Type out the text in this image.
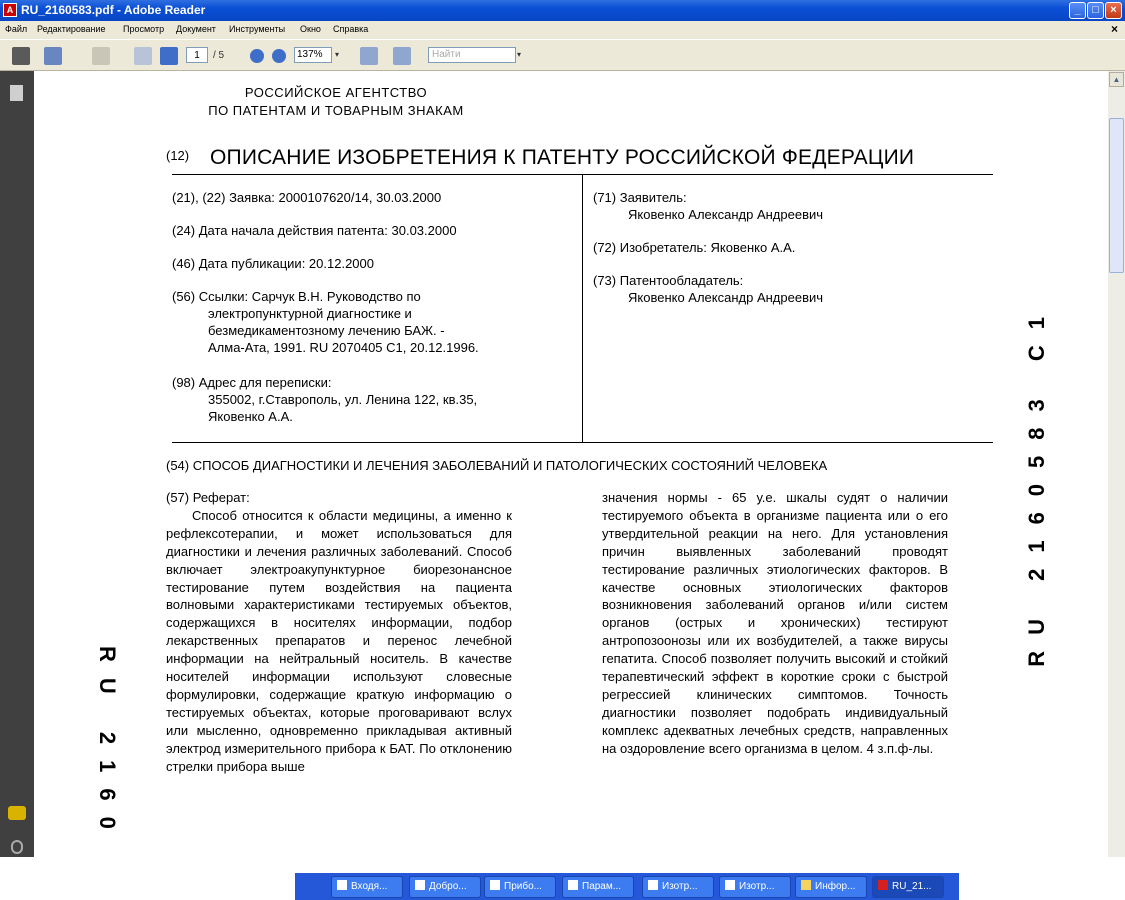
A RU_2160583.pdf - Adobe Reader	_	□	×
Файл Редактирование Просмотр Документ Инструменты Окно Справка	×
1	/ 5	137%	▾	Найти	▾
РОССИЙСКОЕ АГЕНТСТВО
ПО ПАТЕНТАМ И ТОВАРНЫМ ЗНАКАМ
(12) ОПИСАНИЕ ИЗОБРЕТЕНИЯ К ПАТЕНТУ РОССИЙСКОЙ ФЕДЕРАЦИИ
(21), (22) Заявка: 2000107620/14, 30.03.2000
(24) Дата начала действия патента: 30.03.2000
(46) Дата публикации: 20.12.2000
(56) Ссылки: Сарчук В.Н. Руководство по
электропунктурной диагностике и
безмедикаментозному лечению БАЖ. -
Алма-Ата, 1991. RU 2070405 C1, 20.12.1996.
(98) Адрес для переписки:
355002, г.Ставрополь, ул. Ленина 122, кв.35,
Яковенко А.А.
(71) Заявитель:
Яковенко Александр Андреевич
(72) Изобретатель: Яковенко А.А.
(73) Патентообладатель:
Яковенко Александр Андреевич
(54) СПОСОБ ДИАГНОСТИКИ И ЛЕЧЕНИЯ ЗАБОЛЕВАНИЙ И ПАТОЛОГИЧЕСКИХ СОСТОЯНИЙ ЧЕЛОВЕКА

(57) Реферат:

Способ относится к области медицины, а именно к рефлексотерапии, и может использоваться для диагностики и лечения различных заболеваний. Способ включает электроакупунктурное биорезонансное тестирование путем воздействия на пациента волновыми характеристиками тестируемых объектов, содержащихся в носителях информации, подбор лекарственных препаратов и перенос лечебной информации на нейтральный носитель. В качестве носителей информации используют словесные формулировки, содержащие краткую информацию о тестируемых объектах, которые проговаривают вслух или мысленно, одновременно прикладывая активный электрод измерительного прибора к БАТ. По отклонению стрелки прибора выше

значения нормы - 65 у.е. шкалы судят о наличии тестируемого объекта в организме пациента или о его утвердительной реакции на него. Для установления причин выявленных заболеваний проводят тестирование различных этиологических факторов. В качестве основных этиологических факторов возникновения заболеваний органов и/или систем органов (острых и хронических) тестируют антропозоонозы или их возбудителей, а также вирусы гепатита. Способ позволяет получить высокий и стойкий терапевтический эффект в короткие сроки с быстрой регрессией клинических симптомов. Точность диагностики позволяет подобрать индивидуальный комплекс адекватных лечебных средств, направленных на оздоровление всего организма в целом. 4 з.п.ф-лы.

RU 2160
RU 2160583 C1
▲
Входя...	Добро...	Прибо...	Парам...	Изотр...	Изотр...	Инфор...	RU_21...
